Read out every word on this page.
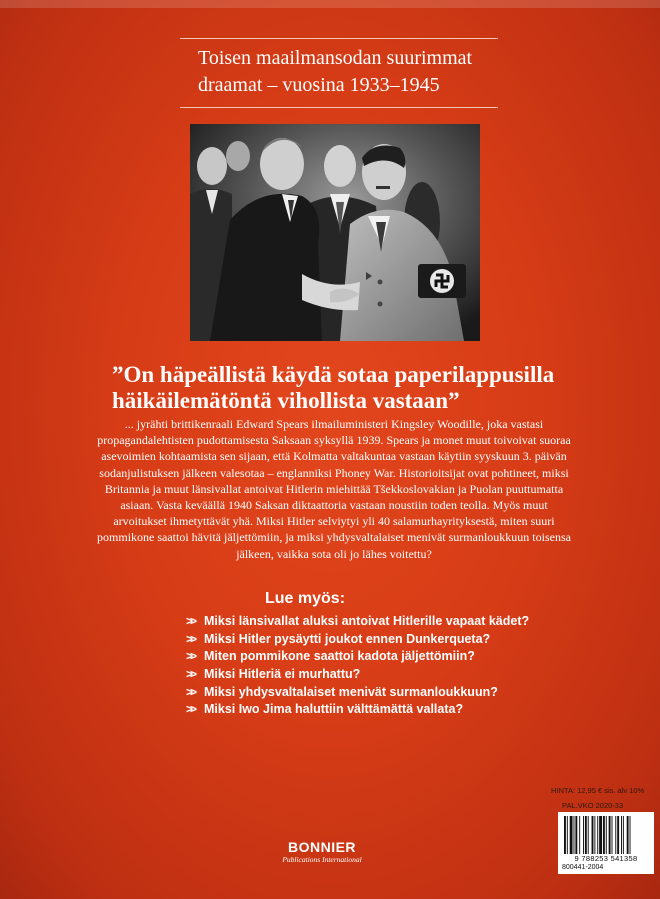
Toisen maailmansodan suurimmat draamat – vuosina 1933–1945
”On häpeällistä käydä sotaa paperilappusilla häikäilemätöntä vihollista vastaan”
... jyrähti brittikenraali Edward Spears ilmailuministeri Kingsley Woodille, joka vastasi propagandalehtisten pudottamisesta Saksaan syksyllä 1939. Spears ja monet muut toivoivat suoraa asevoimien kohtaamista sen sijaan, että Kolmatta valtakuntaa vastaan käytiin syyskuun 3. päivän sodanjulistuksen jälkeen valesotaa – englanniksi Phoney War. Historioitsijat ovat pohtineet, miksi Britannia ja muut länsivallat antoivat Hitlerin miehittää Tšekkoslovakian ja Puolan puuttumatta asiaan. Vasta keväällä 1940 Saksan diktaattoria vastaan noustiin toden teolla. Myös muut arvoitukset ihmetyttävät yhä. Miksi Hitler selviytyi yli 40 salamurhayrityksestä, miten suuri pommikone saattoi hävitä jäljettömiin, ja miksi yhdysvaltalaiset menivät surmanloukkuun toisensa jälkeen, vaikka sota oli jo lähes voitettu?
Lue myös:
>> Miksi länsivallat aluksi antoivat Hitlerille vapaat kädet?
>> Miksi Hitler pysäytti joukot ennen Dunkerqueta?
>> Miten pommikone saattoi kadota jäljettömiin?
>> Miksi Hitleriä ei murhattu?
>> Miksi yhdysvaltalaiset menivät surmanloukkuun?
>> Miksi Iwo Jima haluttiin välttämättä vallata?
HINTA: 12,95 € sis. alv 10%
PAL.VKO 2020-33
9 788253 541358
800441-2004
BONNIER
Publications International
